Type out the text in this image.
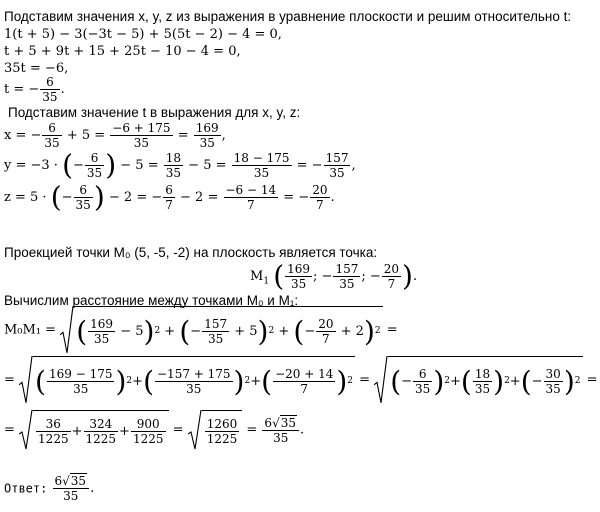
Подставим значения x, y, z из выражения в уравнение плоскости и решим относительно t:
1(t + 5) − 3(−3t − 5) + 5(5t − 2) − 4 = 0,
t + 5 + 9t + 15 + 25t − 10 − 4 = 0,
35t = −6,
t = − $\frac{6}{35}$ .
Подставим значение t в выражения для x, y, z:
x = − $\frac{6}{35} + 5 = \frac{-6 + 175}{35} = \frac{169}{35}$ ,
y = −3 · (− $\frac{6}{35}$ ) − $5 = \frac{18}{35} - 5 = \frac{18 - 175}{35}$ = − $\frac{157}{35}$ ,
z = 5 · (− $\frac{6}{35}$ ) − 2 = − $\frac{6}{7} - 2 = \frac{-6 - 14}{7}$ = − $\frac{20}{7}$ .
Проекцией точки M₀ (5, -5, -2) на плоскость является точка:
$M_1$ ( $\frac{169}{35}$ ; − $\frac{157}{35}$ ; − $\frac{20}{7}$ ).
Вычислим расстояние между точками M₀ и M₁:
M₀M₁ = ( 169
35
− 5 ) 2 + ( − 157
35
+ 5 ) 2 + ( − 20
7
+ 2 ) 2 =
= ( 169 − 175
35 ) 2 + ( −157 + 175
35	) 2 + ( −20 + 14
7	) 2 = ( − 6
35 ) 2 + ( 18
35 ) 2 + ( − 30
35 ) 2 =
=	36
1225 + 324
1225 + 900
1225
= 1260
1225
= $\frac{6√35}{35}$ .
Ответ: $\frac{6√35}{35}$ .
